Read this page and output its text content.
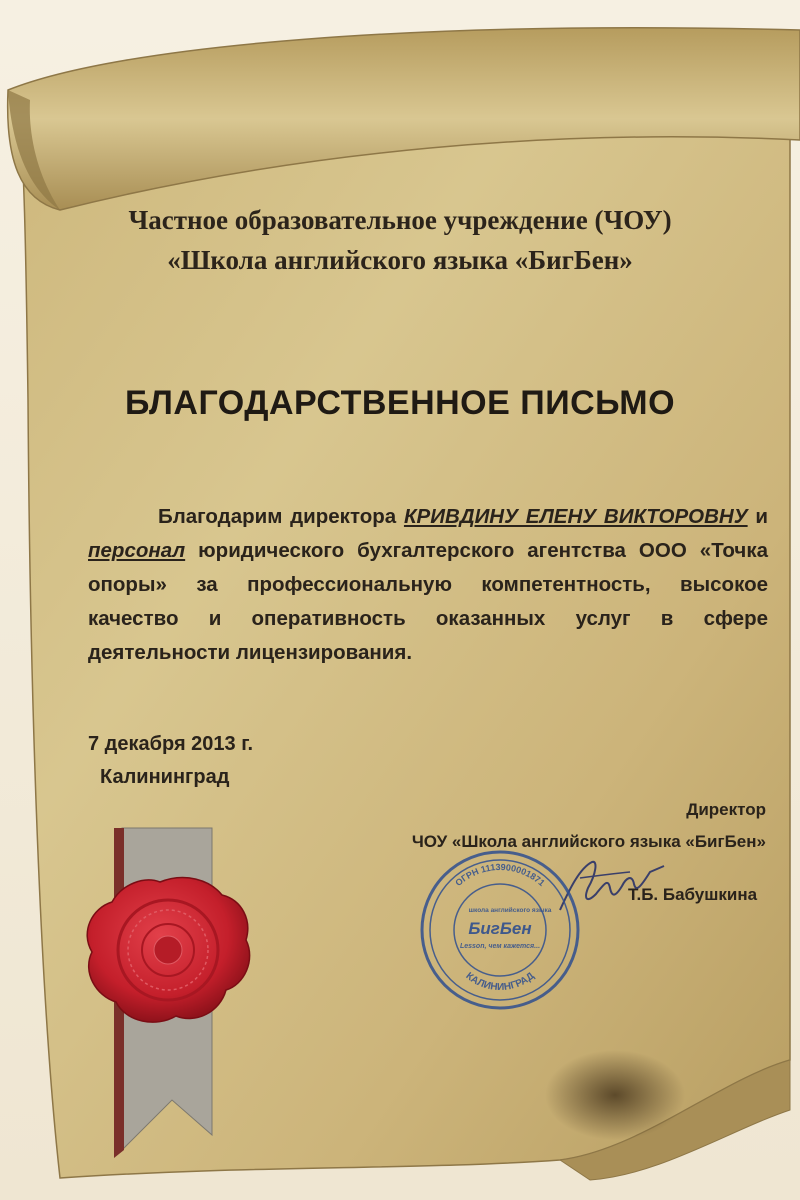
Частное образовательное учреждение (ЧОУ)
«Школа английского языка «БигБен»
БЛАГОДАРСТВЕННОЕ ПИСЬМО
Благодарим директора КРИВДИНУ ЕЛЕНУ ВИКТОРОВНУ и персонал юридического бухгалтерского агентства ООО «Точка опоры» за профессиональную компетентность, высокое качество и оперативность оказанных услуг в сфере деятельности лицензирования.
7 декабря 2013 г.
Калининград
Директор
ЧОУ «Школа английского языка «БигБен»
Т.Б. Бабушкина
ОГРН 1113900001871
КАЛИНИНГРАД
школа английского языка
БигБен
Lesson, чем кажется...
